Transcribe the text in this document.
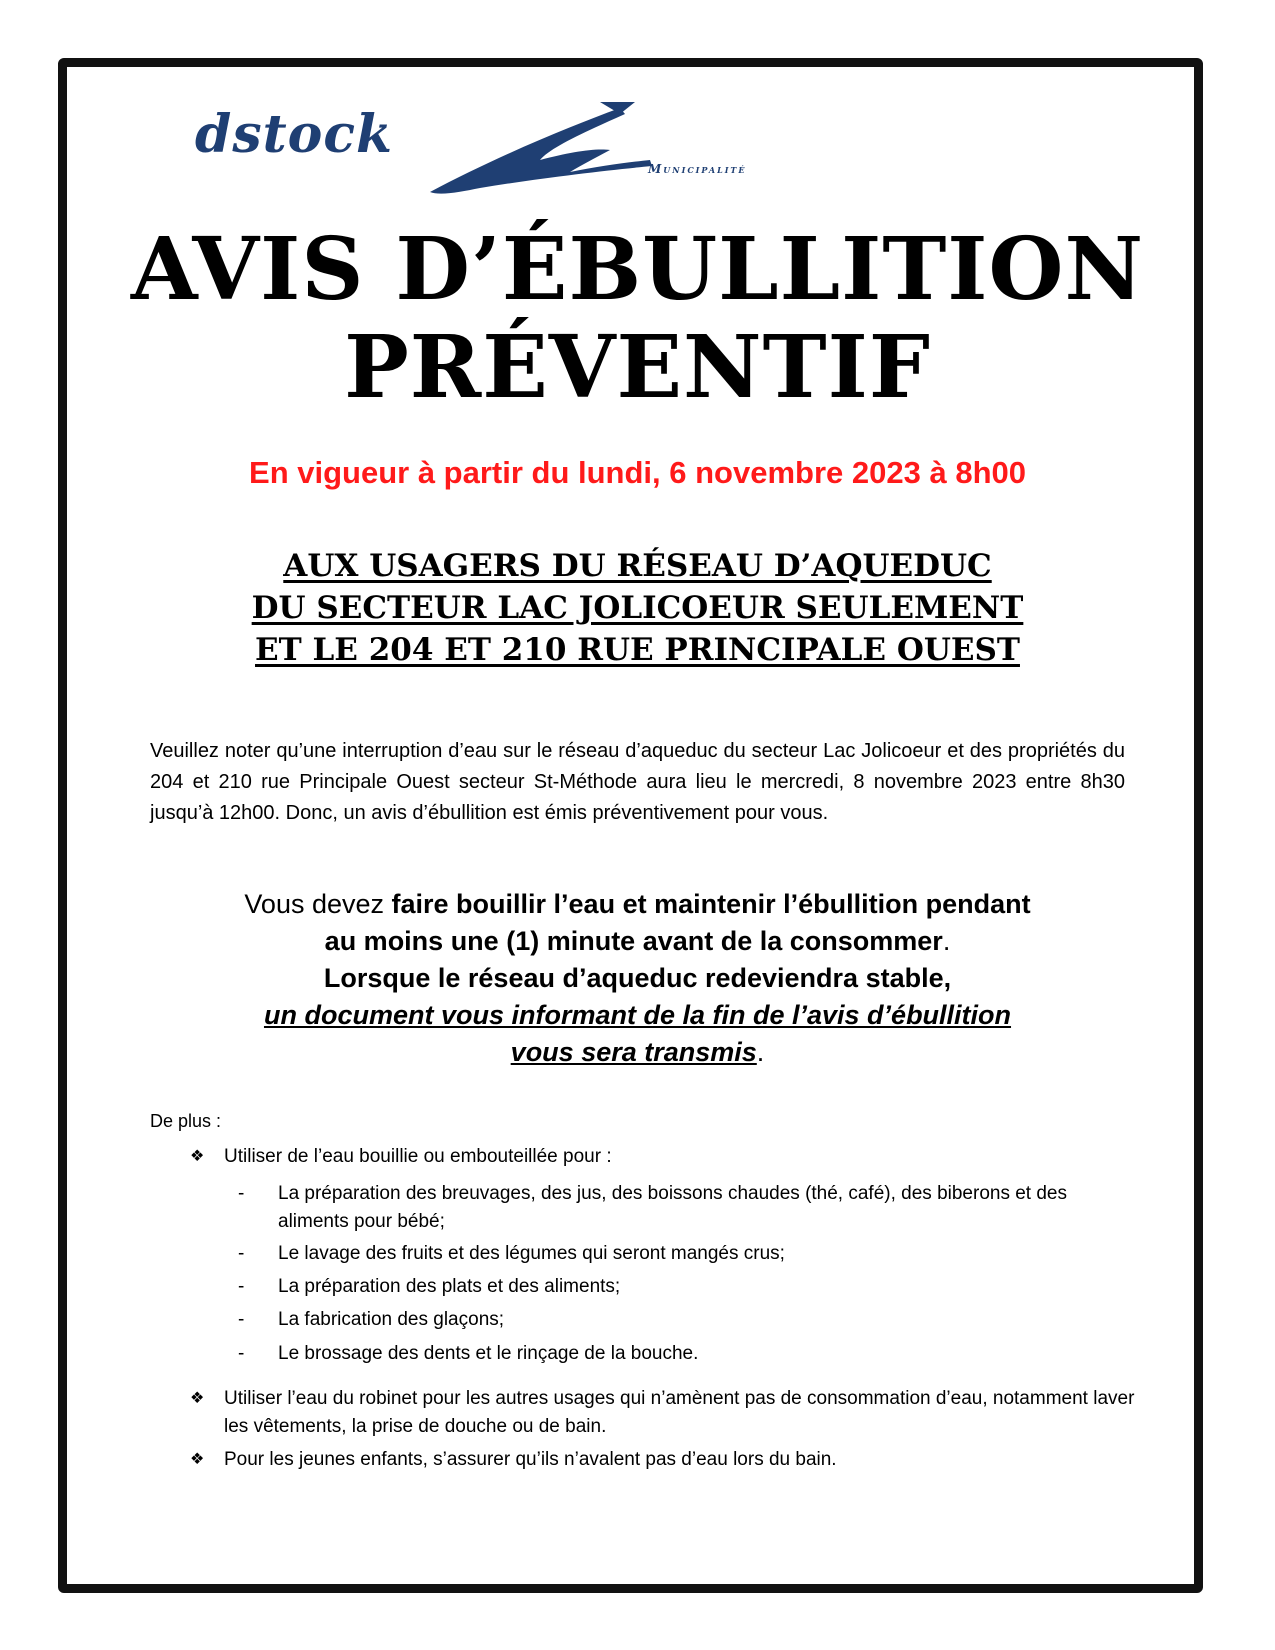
dstock
Municipalité
AVIS D’ÉBULLITION
PRÉVENTIF
En vigueur à partir du lundi, 6 novembre 2023 à 8h00
AUX USAGERS DU RÉSEAU D’AQUEDUC
DU SECTEUR LAC JOLICOEUR SEULEMENT
ET LE 204 ET 210 RUE PRINCIPALE OUEST
Veuillez noter qu’une interruption d’eau sur le réseau d’aqueduc du secteur Lac Jolicoeur et des propriétés du 204 et 210 rue Principale Ouest secteur St-Méthode aura lieu le mercredi, 8 novembre 2023 entre 8h30 jusqu’à 12h00. Donc, un avis d’ébullition est émis préventivement pour vous.
Vous devez faire bouillir l’eau et maintenir l’ébullition pendant
au moins une (1) minute avant de la consommer.
Lorsque le réseau d’aqueduc redeviendra stable,
un document vous informant de la fin de l’avis d’ébullition
vous sera transmis.
De plus :
❖ Utiliser de l’eau bouillie ou embouteillée pour :
- La préparation des breuvages, des jus, des boissons chaudes (thé, café), des biberons et des aliments pour bébé;
- Le lavage des fruits et des légumes qui seront mangés crus;
- La préparation des plats et des aliments;
- La fabrication des glaçons;
- Le brossage des dents et le rinçage de la bouche.
❖ Utiliser l’eau du robinet pour les autres usages qui n’amènent pas de consommation d’eau, notamment laver les vêtements, la prise de douche ou de bain.
❖ Pour les jeunes enfants, s’assurer qu’ils n’avalent pas d’eau lors du bain.
